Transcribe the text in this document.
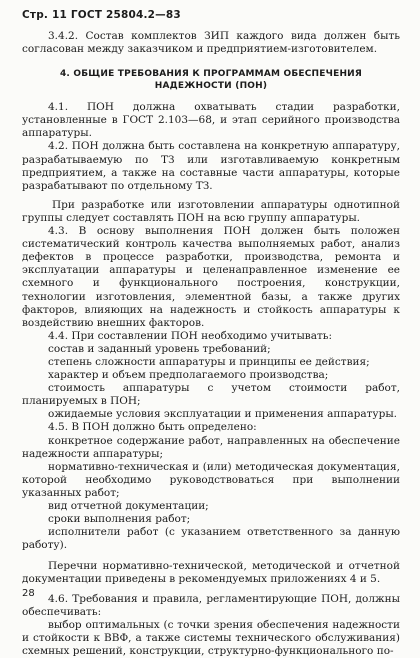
Стр. 11 ГОСТ 25804.2—83

3.4.2. Состав комплектов ЗИП каждого вида должен быть согласован между заказчиком и предприятием-изготовителем.

4. ОБЩИЕ ТРЕБОВАНИЯ К ПРОГРАММАМ ОБЕСПЕЧЕНИЯ
НАДЕЖНОСТИ (ПОН)

4.1. ПОН должна охватывать стадии разработки, установленные в ГОСТ 2.103—68, и этап серийного производства аппаратуры.

4.2. ПОН должна быть составлена на конкретную аппаратуру, разрабатываемую по ТЗ или изготавливаемую конкретным предприятием, а также на составные части аппаратуры, которые разрабатывают по отдельному ТЗ.

При разработке или изготовлении аппаратуры однотипной группы следует составлять ПОН на всю группу аппаратуры.

4.3. В основу выполнения ПОН должен быть положен систематический контроль качества выполняемых работ, анализ дефектов в процессе разработки, производства, ремонта и эксплуатации аппаратуры и целенаправленное изменение ее схемного и функционального построения, конструкции, технологии изготовления, элементной базы, а также других факторов, влияющих на надежность и стойкость аппаратуры к воздействию внешних факторов.

4.4. При составлении ПОН необходимо учитывать:

состав и заданный уровень требований;

степень сложности аппаратуры и принципы ее действия;

характер и объем предполагаемого производства;

стоимость аппаратуры с учетом стоимости работ, планируемых в ПОН;

ожидаемые условия эксплуатации и применения аппаратуры.

4.5. В ПОН должно быть определено:

конкретное содержание работ, направленных на обеспечение надежности аппаратуры;

нормативно-техническая и (или) методическая документация, которой необходимо руководствоваться при выполнении указанных работ;

вид отчетной документации;

сроки выполнения работ;

исполнители работ (с указанием ответственного за данную работу).

Перечни нормативно-технической, методической и отчетной документации приведены в рекомендуемых приложениях 4 и 5.

4.6. Требования и правила, регламентирующие ПОН, должны обеспечивать:

выбор оптимальных (с точки зрения обеспечения надежности и стойкости к ВВФ, а также системы технического обслуживания) схемных решений, конструкции, структурно-функционального по-

28
